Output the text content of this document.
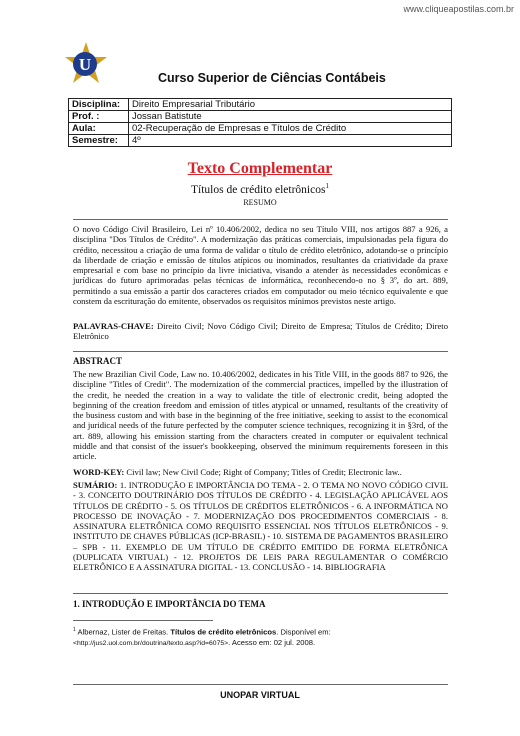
www.cliqueapostilas.com.br
U
Curso Superior de Ciências Contábeis
Disciplina:	Direito Empresarial Tributário
Prof. :	Jossan Batistute
Aula:	02-Recuperação de Empresas e Títulos de Crédito
Semestre:	4º
Texto Complementar
Títulos de crédito eletrônicos$^1$
RESUMO
O novo Código Civil Brasileiro, Lei nº 10.406/2002, dedica no seu Título VIII, nos artigos 887 a 926, a disciplina "Dos Títulos de Crédito". A modernização das práticas comerciais, impulsionadas pela figura do crédito, necessitou a criação de uma forma de validar o título de crédito eletrônico, adotando-se o princípio da liberdade de criação e emissão de títulos atípicos ou inominados, resultantes da criatividade da praxe empresarial e com base no princípio da livre iniciativa, visando a atender às necessidades econômicas e jurídicas do futuro aprimoradas pelas técnicas de informática, reconhecendo-o no § 3º, do art. 889, permitindo a sua emissão a partir dos caracteres criados em computador ou meio técnico equivalente e que constem da escrituração do emitente, observados os requisitos mínimos previstos neste artigo.
PALAVRAS-CHAVE: Direito Civil; Novo Código Civil; Direito de Empresa; Títulos de Crédito; Direto Eletrônico
ABSTRACT
The new Brazilian Civil Code, Law no. 10.406/2002, dedicates in his Title VIII, in the goods 887 to 926, the discipline "Titles of Credit". The modernization of the commercial practices, impelled by the illustration of the credit, he needed the creation in a way to validate the title of electronic credit, being adopted the beginning of the creation freedom and emission of titles atypical or unnamed, resultants of the creativity of the business custom and with base in the beginning of the free initiative, seeking to assist to the economical and juridical needs of the future perfected by the computer science techniques, recognizing it in §3rd, of the art. 889, allowing his emission starting from the characters created in computer or equivalent technical middle and that consist of the issuer's bookkeeping, observed the minimum requirements foreseen in this article.
WORD-KEY: Civil law; New Civil Code; Right of Company; Titles of Credit; Electronic law..
SUMÁRIO: 1. INTRODUÇÃO E IMPORTÂNCIA DO TEMA - 2. O TEMA NO NOVO CÓDIGO CIVIL - 3. CONCEITO DOUTRINÁRIO DOS TÍTULOS DE CRÉDITO - 4. LEGISLAÇÃO APLICÁVEL AOS TÍTULOS DE CRÉDITO - 5. OS TÍTULOS DE CRÉDITOS ELETRÔNICOS - 6. A INFORMÁTICA NO PROCESSO DE INOVAÇÃO - 7. MODERNIZAÇÃO DOS PROCEDIMENTOS COMERCIAIS - 8. ASSINATURA ELETRÔNICA COMO REQUISITO ESSENCIAL NOS TÍTULOS ELETRÔNICOS - 9. INSTITUTO DE CHAVES PÚBLICAS (ICP-BRASIL) - 10. SISTEMA DE PAGAMENTOS BRASILEIRO – SPB - 11. EXEMPLO DE UM TÍTULO DE CRÉDITO EMITIDO DE FORMA ELETRÔNICA (DUPLICATA VIRTUAL) - 12. PROJETOS DE LEIS PARA REGULAMENTAR O COMÉRCIO ELETRÔNICO E A ASSINATURA DIGITAL - 13. CONCLUSÃO - 14. BIBLIOGRAFIA
1. INTRODUÇÃO E IMPORTÂNCIA DO TEMA
$^1$ Albernaz, Lister de Freitas. Títulos de crédito eletrônicos. Disponível em:
<http://jus2.uol.com.br/doutrina/texto.asp?id=6075>. Acesso em: 02 jul. 2008.
UNOPAR VIRTUAL
